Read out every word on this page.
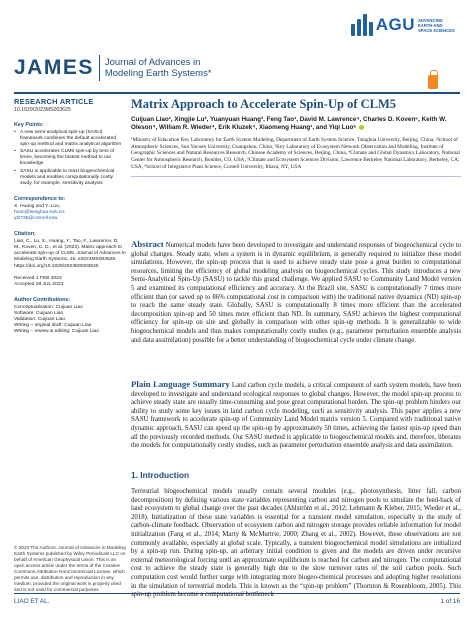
AGU ADVANCING
EARTH AND
SPACE SCIENCES
JAMES Journal of Advances in
Modeling Earth Systems*
RESEARCH ARTICLE
10.1029/2023MS003625
Key Points:
• A new semi-analytical spin-up (SASU) framework combines the default accelerated spin-up method and matrix analytical algorithm
• SASU accelerates CLM5 spin-up by tens of times, becoming the fastest method to our knowledge
• SASU is applicable to most biogeochemical models and enables computationally costly study, for example, sensitivity analysis
Correspondence to:
X. Huang and Y. Luo,
huxn@tsinghua.edu.cn;
yl2735@cornell.edu
Citation:
Liao, C., Lu, X., Huang, Y., Tao, F., Lawrence, D. M., Koven, C. D., et al. (2023). Matrix approach to accelerate spin-up of CLM5. Journal of Advances in Modeling Earth Systems, 15, e2023MS003625. https://doi.org/10.1029/2023MS003625
Received 1 FEB 2023
Accepted 28 JUL 2023
Author Contributions:
Conceptualization: Cuijuan Liao
Software: Cuijuan Liao
Validation: Cuijuan Liao
Writing – original draft: Cuijuan Liao
Writing – review & editing: Cuijuan Liao
© 2023 The Authors. Journal of Advances in Modeling Earth Systems published by Wiley Periodicals LLC on behalf of American Geophysical Union. This is an open access article under the terms of the Creative Commons Attribution-NonCommercial License, which permits use, distribution and reproduction in any medium, provided the original work is properly cited and is not used for commercial purposes.
Matrix Approach to Accelerate Spin-Up of CLM5
Cuijuan Liao¹, Xingjie Lu², Yuanyuan Huang³, Feng Tao¹, David M. Lawrence⁴, Charles D. Koven⁵, Keith W. Oleson⁴, William R. Wieder⁴, Erik Kluzek⁴, Xiaomeng Huang¹, and Yiqi Luo⁶
¹Ministry of Education Key Laboratory for Earth System Modeling, Department of Earth System Science, Tsinghua University, Beijing, China, ²School of Atmospheric Sciences, Sun Yat-sen University, Guangzhou, China, ³Key Laboratory of Ecosystem Network Observation and Modeling, Institute of Geographic Sciences and Natural Resources Research, Chinese Academy of Sciences, Beijing, China, ⁴Climate and Global Dynamics Laboratory, National Center for Atmospheric Research, Boulder, CO, USA, ⁵Climate and Ecosystem Sciences Division, Lawrence Berkeley National Laboratory, Berkeley, CA, USA, ⁶School of Integrative Plant Science, Cornell University, Ithaca, NY, USA

Abstract Numerical models have been developed to investigate and understand responses of biogeochemical cycle to global changes. Steady state, when a system is in dynamic equilibrium, is generally required to initialize these model simulations. However, the spin-up process that is used to achieve steady state pose a great burden to computational resources, limiting the efficiency of global modeling analysis on biogeochemical cycles. This study introduces a new Semi-Analytical Spin-Up (SASU) to tackle this grand challenge. We applied SASU to Community Land Model version 5 and examined its computational efficiency and accuracy. At the Brazil site, SASU is computationally 7 times more efficient than (or saved up to 86% computational cost in comparison with) the traditional native dynamics (ND) spin-up to reach the same steady state. Globally, SASU is computationally 8 times more efficient than the accelerated decomposition spin-up and 50 times more efficient than ND. In summary, SASU achieves the highest computational efficiency for spin-up on site and globally in comparison with other spin-up methods. It is generalizable to wide biogeochemical models and thus makes computationally costly studies (e.g., parameter perturbation ensemble analysis and data assimilation) possible for a better understanding of biogeochemical cycle under climate change.

Plain Language Summary Land carbon cycle models, a critical component of earth system models, have been developed to investigate and understand ecological responses to global changes. However, the model spin-up process to achieve steady state are usually time-consuming and pose great computational burden. The spin-up problem hinders our ability to study some key issues in land carbon cycle modeling, such as sensitivity analysis. This paper applies a new SASU framework to accelerate spin-up of Community Land Model matrix version 5. Compared with traditional native dynamic approach, SASU can speed up the spin-up by approximately 50 times, achieving the fastest spin-up speed than all the previously recorded methods. Our SASU method is applicable to biogeochemical models and, therefore, liberates the models for computationally costly studies, such as parameter perturbation ensemble analysis and data assimilation.

1. Introduction

Terrestrial biogeochemical models usually contain several modules (e.g., photosynthesis, litter fall, carbon decomposition) by defining various state variables representing carbon and nitrogen pools to simulate the feed-back of land ecosystem to global change over the past decades (Ahlström et al., 2012; Lehmann & Kleber, 2015; Wieder et al., 2018). Initialization of these state variables is essential for a transient model simulation, especially in the study of carbon-climate feedback. Observation of ecosystem carbon and nitrogen storage provides reliable information for model initialization (Fang et al., 2014; Marty & McMurtrie, 2000; Zhang et al., 2002). However, these observations are not commonly available, especially at global scale. Typically, a transient biogeochemical model simulations are initialized by a spin-up run. During spin-up, an arbitrary initial condition is given and the models are driven under recursive external meteorological forcing until an approximate equilibrium is reached for carbon and nitrogen. The computational cost to achieve the steady state is generally high due to the slow turnover rates of the soil carbon pools. Such computation cost would further surge with integrating more biogeo-chemical processes and adopting higher resolutions in the simulation of terrestrial models. This is known as the “spin-up problem” (Thornton & Rosenbloom, 2005). This spin-up problem become a computational bottleneck

LIAO ET AL.	1 of 16
